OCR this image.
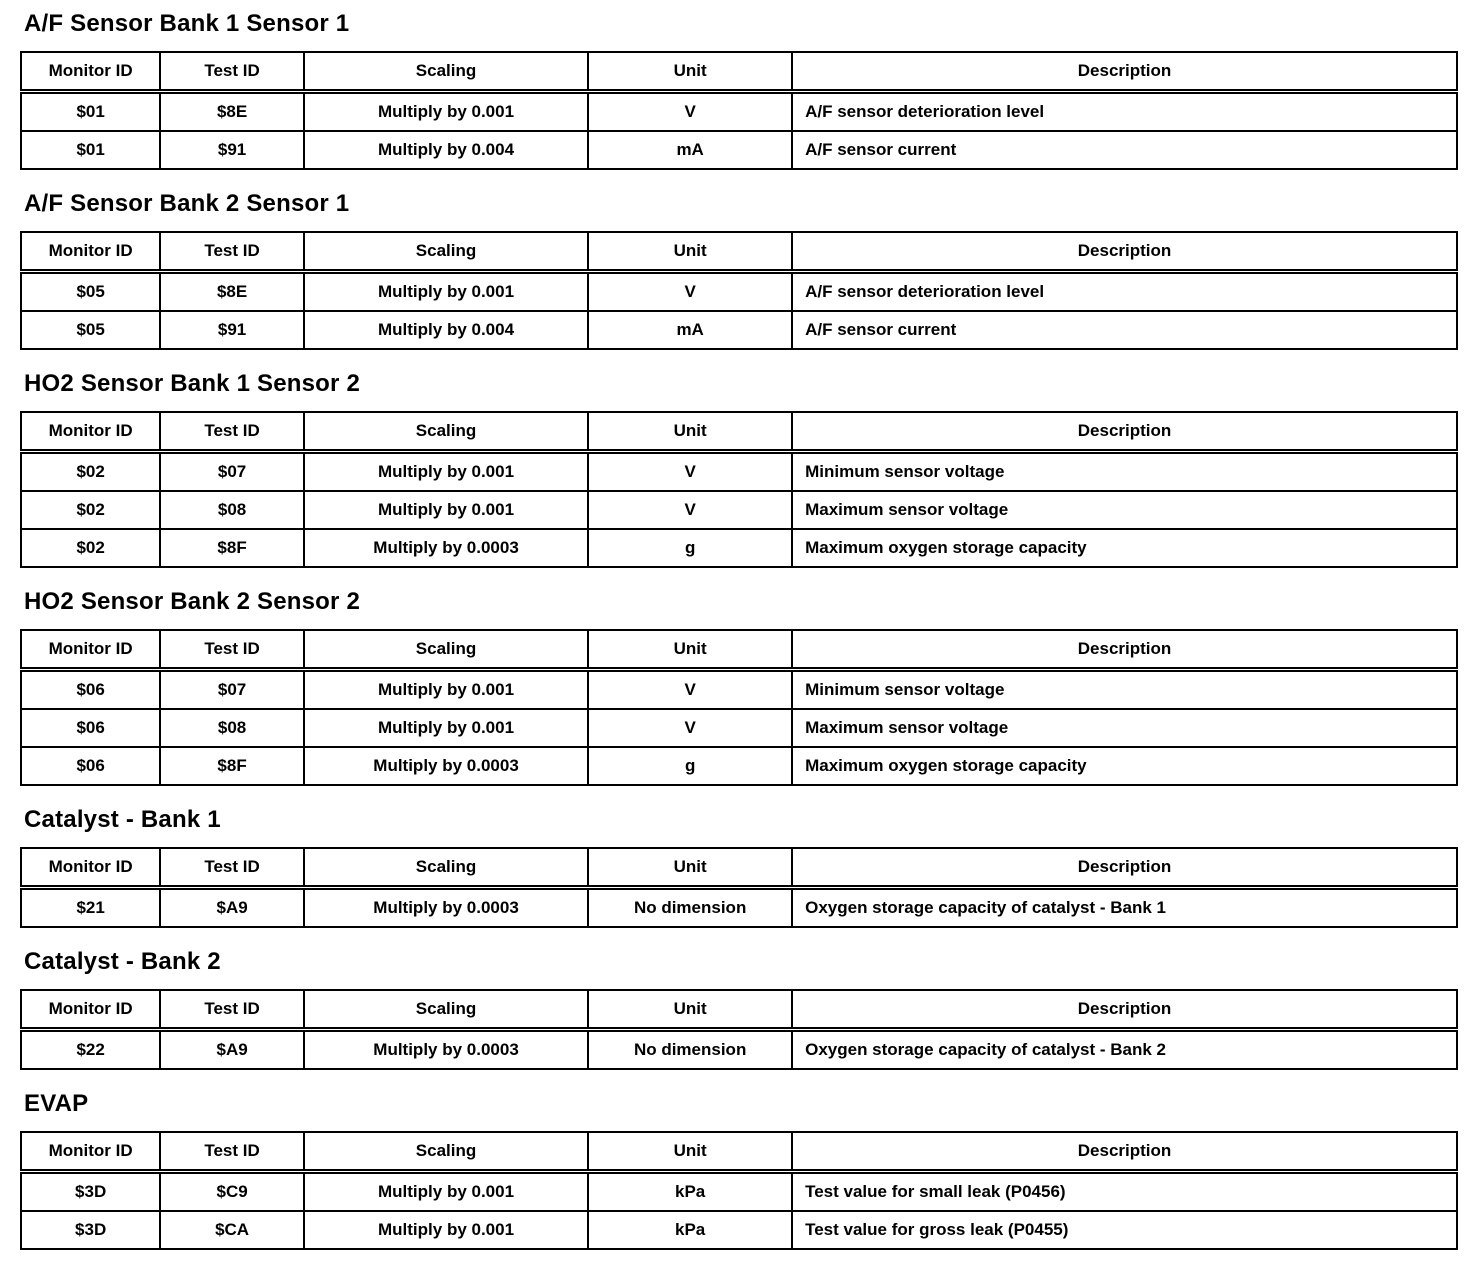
A/F Sensor Bank 1 Sensor 1
Monitor ID	Test ID	Scaling	Unit	Description
$01	$8E	Multiply by 0.001	V	A/F sensor deterioration level
$01	$91	Multiply by 0.004	mA	A/F sensor current
A/F Sensor Bank 2 Sensor 1
Monitor ID	Test ID	Scaling	Unit	Description
$05	$8E	Multiply by 0.001	V	A/F sensor deterioration level
$05	$91	Multiply by 0.004	mA	A/F sensor current
HO2 Sensor Bank 1 Sensor 2
Monitor ID	Test ID	Scaling	Unit	Description
$02	$07	Multiply by 0.001	V	Minimum sensor voltage
$02	$08	Multiply by 0.001	V	Maximum sensor voltage
$02	$8F	Multiply by 0.0003	g	Maximum oxygen storage capacity
HO2 Sensor Bank 2 Sensor 2
Monitor ID	Test ID	Scaling	Unit	Description
$06	$07	Multiply by 0.001	V	Minimum sensor voltage
$06	$08	Multiply by 0.001	V	Maximum sensor voltage
$06	$8F	Multiply by 0.0003	g	Maximum oxygen storage capacity
Catalyst - Bank 1
Monitor ID	Test ID	Scaling	Unit	Description
$21	$A9	Multiply by 0.0003	No dimension	Oxygen storage capacity of catalyst - Bank 1
Catalyst - Bank 2
Monitor ID	Test ID	Scaling	Unit	Description
$22	$A9	Multiply by 0.0003	No dimension	Oxygen storage capacity of catalyst - Bank 2
EVAP
Monitor ID	Test ID	Scaling	Unit	Description
$3D	$C9	Multiply by 0.001	kPa	Test value for small leak (P0456)
$3D	$CA	Multiply by 0.001	kPa	Test value for gross leak (P0455)
